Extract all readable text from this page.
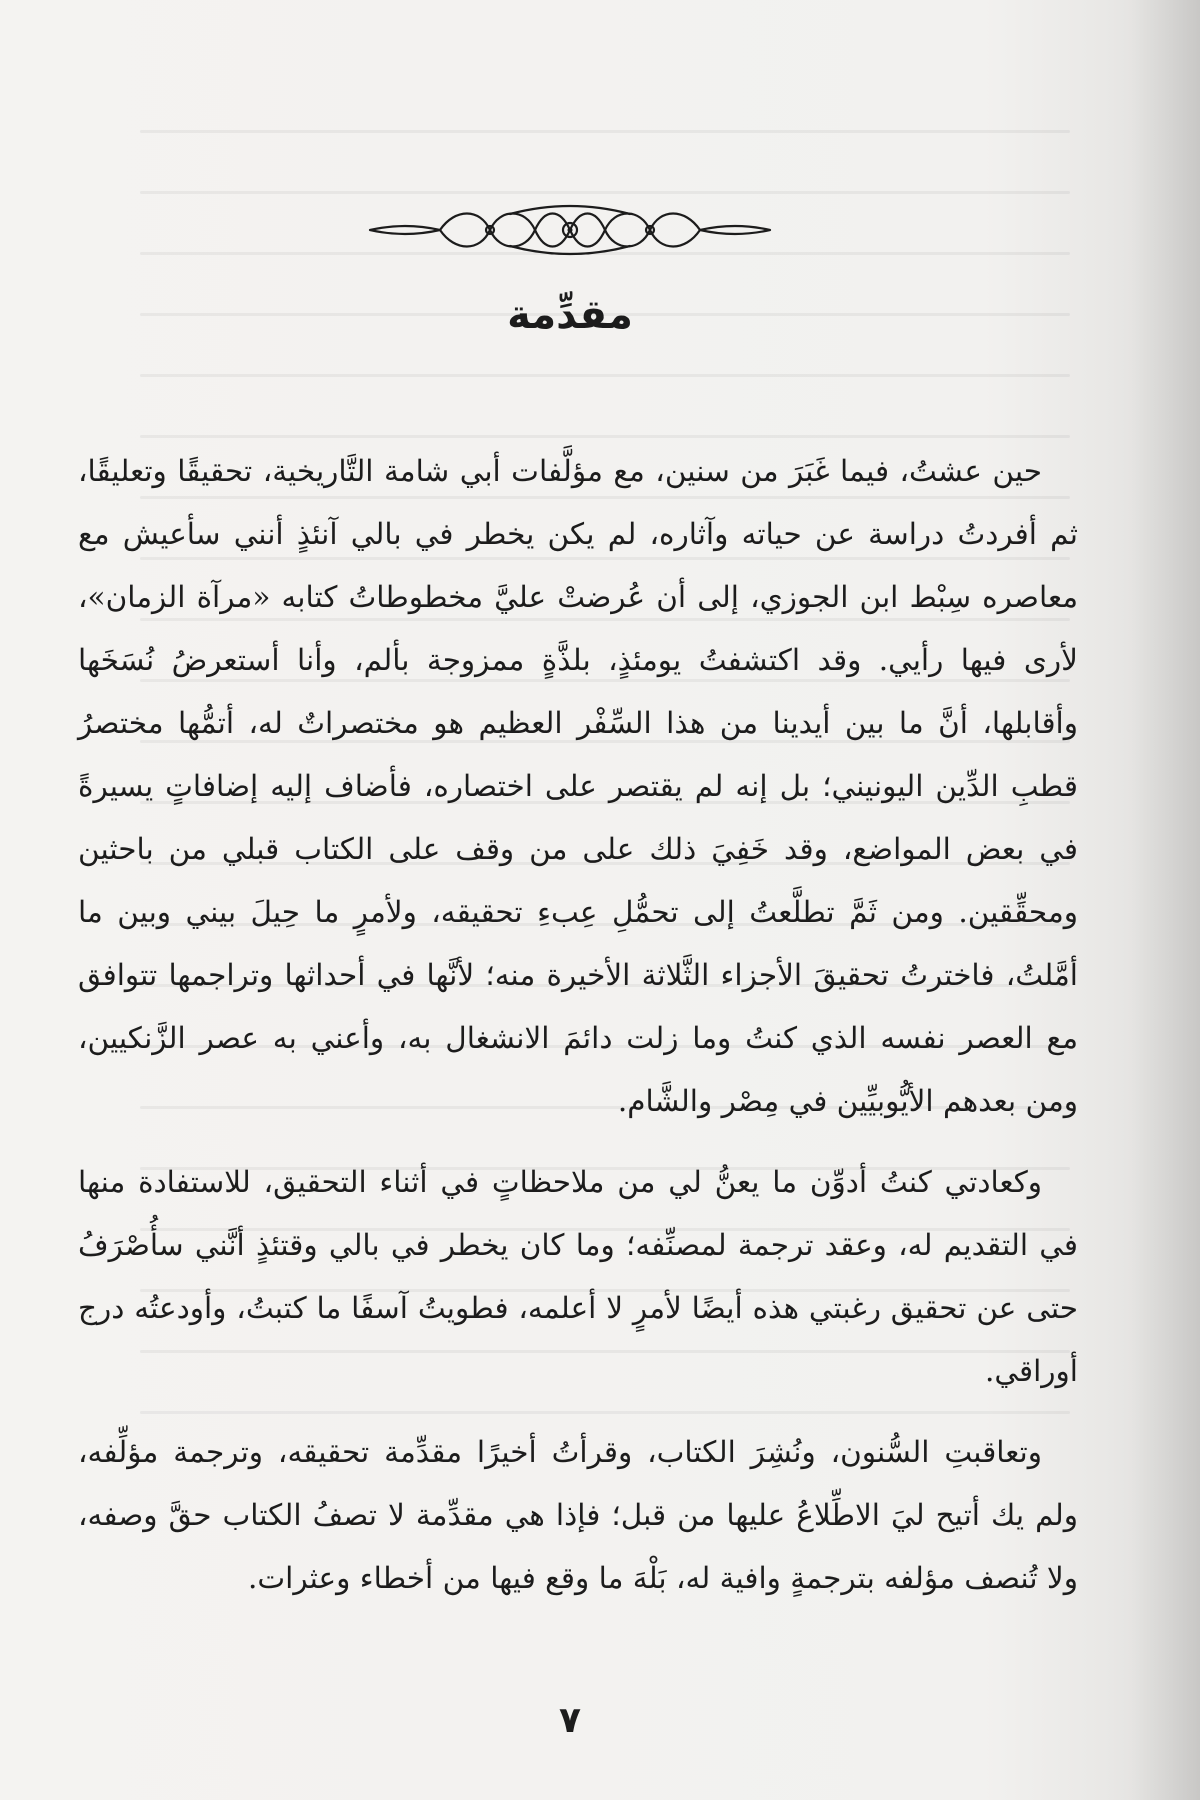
مقدِّمة

حين عشتُ، فيما غَبَرَ من سنين، مع مؤلَّفات أبي شامة التَّاريخية، تحقيقًا وتعليقًا، ثم أفردتُ دراسة عن حياته وآثاره، لم يكن يخطر في بالي آنئذٍ أنني سأعيش مع معاصره سِبْط ابن الجوزي، إلى أن عُرضتْ عليَّ مخطوطاتُ كتابه «مرآة الزمان»، لأرى فيها رأيي. وقد اكتشفتُ يومئذٍ، بلذَّةٍ ممزوجة بألم، وأنا أستعرضُ نُسَخَها وأقابلها، أنَّ ما بين أيدينا من هذا السِّفْر العظيم هو مختصراتٌ له، أتمُّها مختصرُ قطبِ الدِّين اليونيني؛ بل إنه لم يقتصر على اختصاره، فأضاف إليه إضافاتٍ يسيرةً في بعض المواضع، وقد خَفِيَ ذلك على من وقف على الكتاب قبلي من باحثين ومحقِّقين. ومن ثَمَّ تطلَّعتُ إلى تحمُّلِ عِبءِ تحقيقه، ولأمرٍ ما حِيلَ بيني وبين ما أمَّلتُ، فاخترتُ تحقيقَ الأجزاء الثَّلاثة الأخيرة منه؛ لأنَّها في أحداثها وتراجمها تتوافق مع العصر نفسه الذي كنتُ وما زلت دائمَ الانشغال به، وأعني به عصر الزَّنكيين، ومن بعدهم الأيُّوبيِّين في مِصْر والشَّام.

وكعادتي كنتُ أدوِّن ما يعنُّ لي من ملاحظاتٍ في أثناء التحقيق، للاستفادة منها في التقديم له، وعقد ترجمة لمصنِّفه؛ وما كان يخطر في بالي وقتئذٍ أنَّني سأُصْرَفُ حتى عن تحقيق رغبتي هذه أيضًا لأمرٍ لا أعلمه، فطويتُ آسفًا ما كتبتُ، وأودعتُه درج أوراقي.

وتعاقبتِ السُّنون، ونُشِرَ الكتاب، وقرأتُ أخيرًا مقدِّمة تحقيقه، وترجمة مؤلِّفه، ولم يك أتيح ليَ الاطِّلاعُ عليها من قبل؛ فإذا هي مقدِّمة لا تصفُ الكتاب حقَّ وصفه، ولا تُنصف مؤلفه بترجمةٍ وافية له، بَلْهَ ما وقع فيها من أخطاء وعثرات.

٧
